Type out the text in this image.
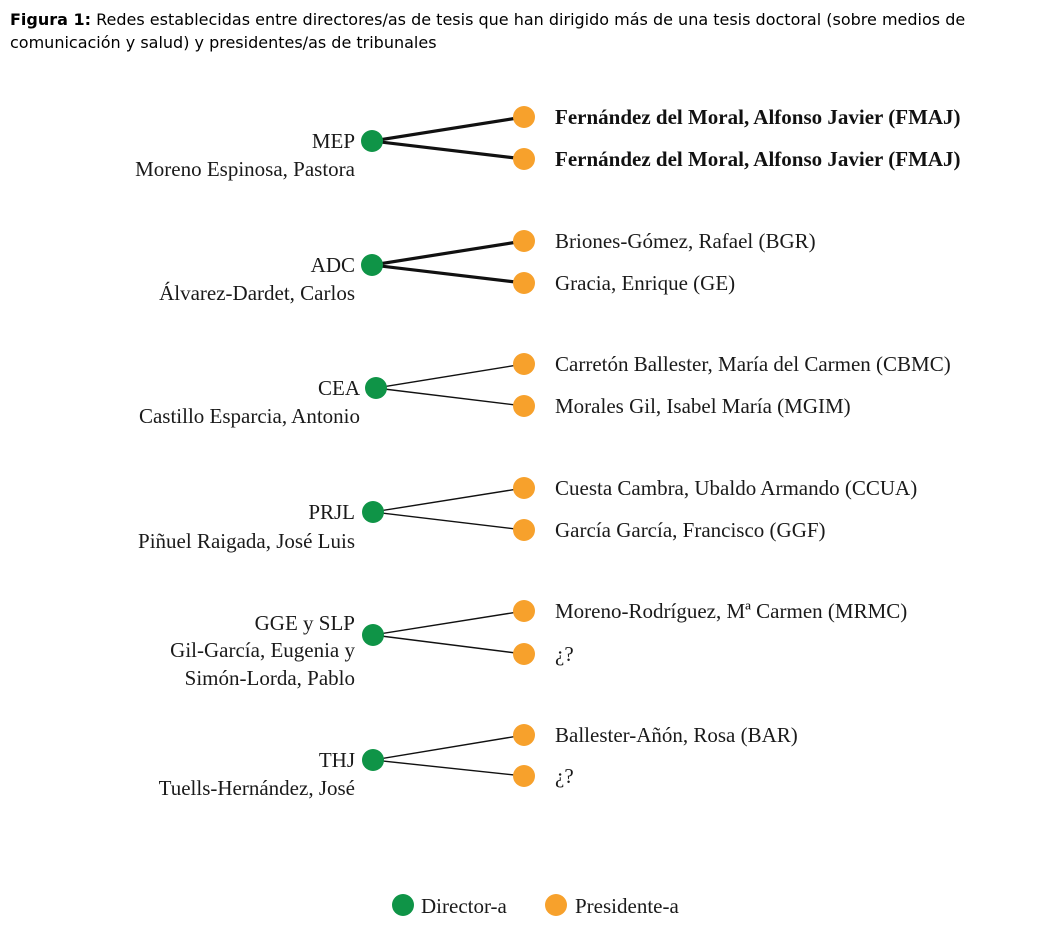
Figura 1: Redes establecidas entre directores/as de tesis que han dirigido más de una tesis doctoral (sobre medios de comunicación y salud) y presidentes/as de tribunales
Fernández del Moral, Alfonso Javier (FMAJ)
Fernández del Moral, Alfonso Javier (FMAJ)
MEP
Moreno Espinosa, Pastora
Briones-Gómez, Rafael (BGR)
Gracia, Enrique (GE)
ADC
Álvarez-Dardet, Carlos
Carretón Ballester, María del Carmen (CBMC)
Morales Gil, Isabel María (MGIM)
CEA
Castillo Esparcia, Antonio
Cuesta Cambra, Ubaldo Armando (CCUA)
García García, Francisco (GGF)
PRJL
Piñuel Raigada, José Luis
Moreno-Rodríguez, Mª Carmen (MRMC)
¿?
GGE y SLP
Gil-García, Eugenia y
Simón-Lorda, Pablo
Ballester-Añón, Rosa (BAR)
¿?
THJ
Tuells-Hernández, José
Director-a	Presidente-a
